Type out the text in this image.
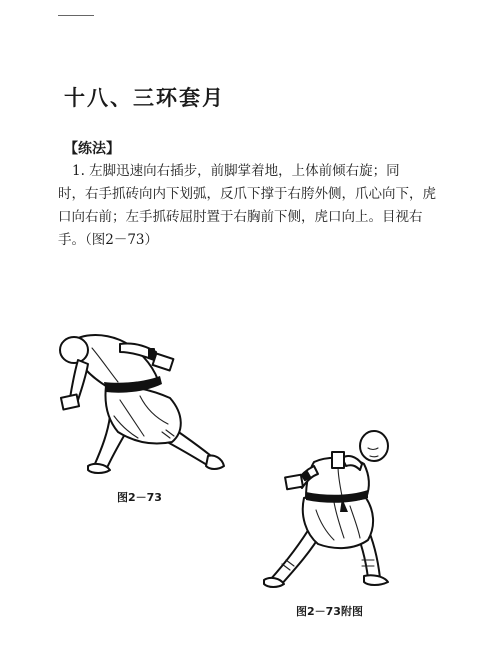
十八、三环套月
【练法】

1. 左脚迅速向右插步，前脚掌着地，上体前倾右旋；同
时，右手抓砖向内下划弧，反爪下撑于右胯外侧，爪心向下，虎
口向右前；左手抓砖屈肘置于右胸前下侧，虎口向上。目视右
手。（图2－73）

图2－73
图2－73附图
